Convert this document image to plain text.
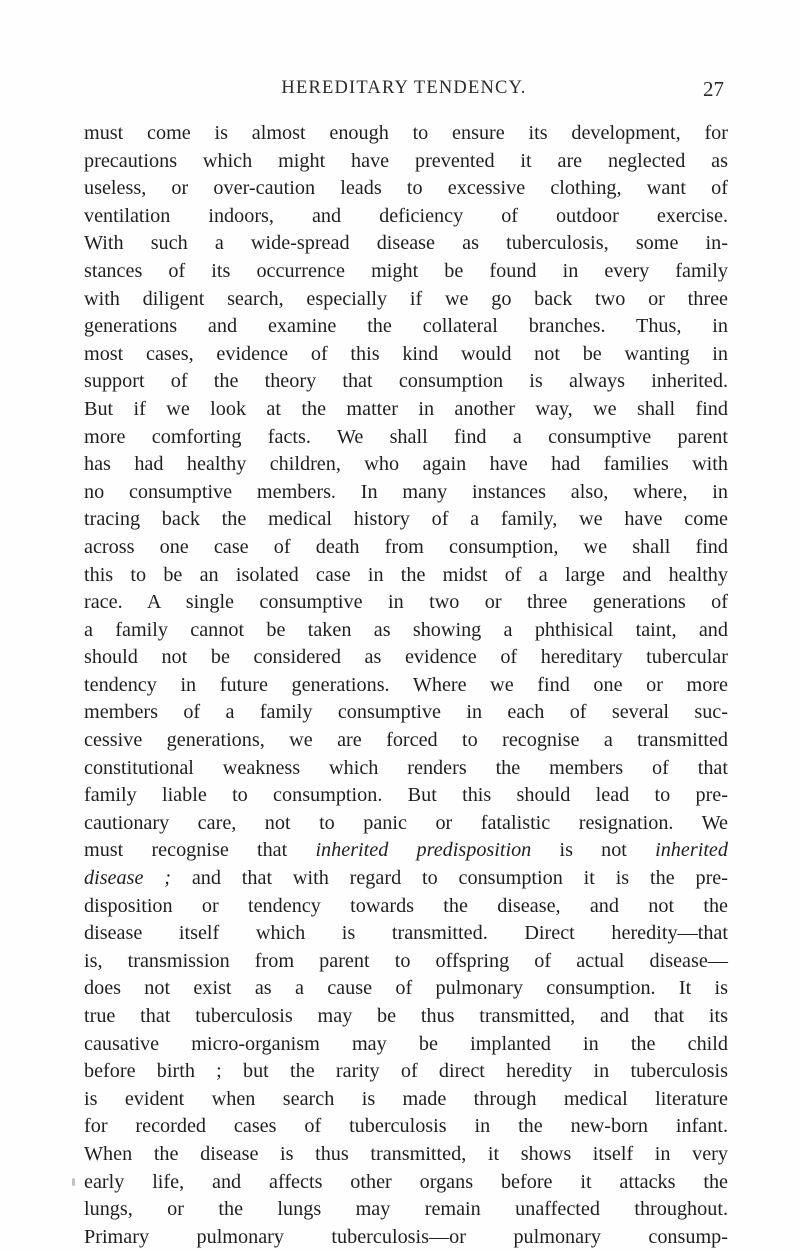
HEREDITARY TENDENCY.	27
must come is almost enough to ensure its development, for
precautions which might have prevented it are neglected as
useless, or over-caution leads to excessive clothing, want of
ventilation indoors, and deficiency of outdoor exercise.
With such a wide-spread disease as tuberculosis, some in-
stances of its occurrence might be found in every family
with diligent search, especially if we go back two or three
generations and examine the collateral branches. Thus, in
most cases, evidence of this kind would not be wanting in
support of the theory that consumption is always inherited.
But if we look at the matter in another way, we shall find
more comforting facts. We shall find a consumptive parent
has had healthy children, who again have had families with
no consumptive members. In many instances also, where, in
tracing back the medical history of a family, we have come
across one case of death from consumption, we shall find
this to be an isolated case in the midst of a large and healthy
race. A single consumptive in two or three generations of
a family cannot be taken as showing a phthisical taint, and
should not be considered as evidence of hereditary tubercular
tendency in future generations. Where we find one or more
members of a family consumptive in each of several suc-
cessive generations, we are forced to recognise a transmitted
constitutional weakness which renders the members of that
family liable to consumption. But this should lead to pre-
cautionary care, not to panic or fatalistic resignation. We
must recognise that inherited predisposition is not inherited
disease ; and that with regard to consumption it is the pre-
disposition or tendency towards the disease, and not the
disease itself which is transmitted. Direct heredity—that
is, transmission from parent to offspring of actual disease—
does not exist as a cause of pulmonary consumption. It is
true that tuberculosis may be thus transmitted, and that its
causative micro-organism may be implanted in the child
before birth ; but the rarity of direct heredity in tuberculosis
is evident when search is made through medical literature
for recorded cases of tuberculosis in the new-born infant.
When the disease is thus transmitted, it shows itself in very
early life, and affects other organs before it attacks the
lungs, or the lungs may remain unaffected throughout.
Primary pulmonary tuberculosis—or pulmonary consump-
